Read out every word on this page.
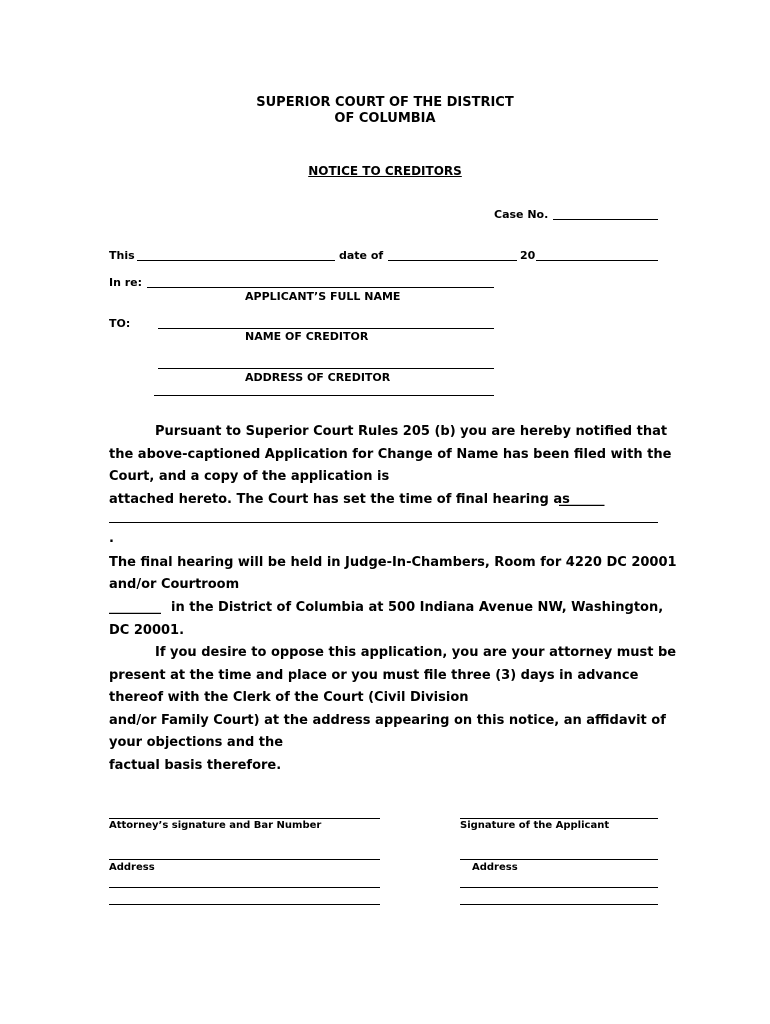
SUPERIOR COURT OF THE DISTRICT
OF COLUMBIA
NOTICE TO CREDITORS
Case No.
This	date of	20
In re:
APPLICANT’S FULL NAME
TO:
NAME OF CREDITOR
ADDRESS OF CREDITOR
Pursuant to Superior Court Rules 205 (b) you are hereby notified that
the above-captioned Application for Change of Name has been filed with the
Court, and a copy of the application is
attached hereto. The Court has set the time of final hearing as
_______
.
The final hearing will be held in Judge-In-Chambers, Room for 4220 DC 20001
and/or Courtroom
________ in the District of Columbia at 500 Indiana Avenue NW, Washington,
DC 20001.
If you desire to oppose this application, you are your attorney must be
present at the time and place or you must file three (3) days in advance
thereof with the Clerk of the Court (Civil Division
and/or Family Court) at the address appearing on this notice, an affidavit of
your objections and the
factual basis therefore.
Attorney’s signature and Bar Number	Signature of the Applicant
Address	Address
